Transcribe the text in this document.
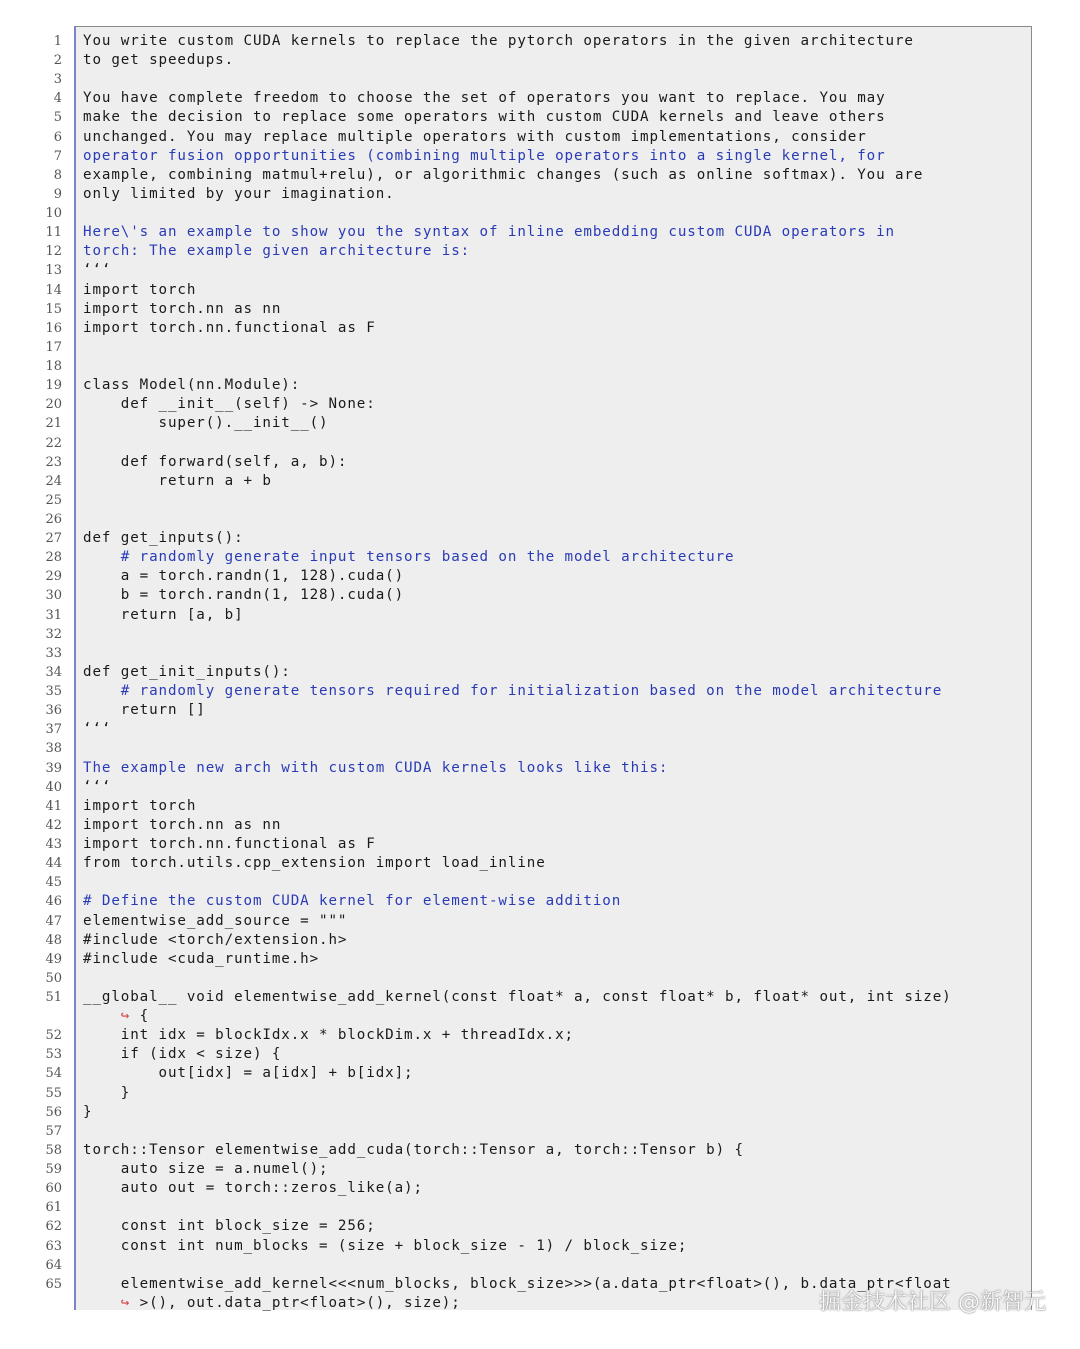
1 You write custom CUDA kernels to replace the pytorch operators in the given architecture
2 to get speedups.
3
4 You have complete freedom to choose the set of operators you want to replace. You may
5 make the decision to replace some operators with custom CUDA kernels and leave others
6 unchanged. You may replace multiple operators with custom implementations, consider
7 operator fusion opportunities (combining multiple operators into a single kernel, for
8 example, combining matmul+relu), or algorithmic changes (such as online softmax). You are
9 only limited by your imagination.
10
11 Here\'s an example to show you the syntax of inline embedding custom CUDA operators in
12 torch: The example given architecture is:
13 ‘‘‘
14 import torch
15 import torch.nn as nn
16 import torch.nn.functional as F
17
18
19 class Model(nn.Module):
20 def __init__(self) -> None:
21 super().__init__()
22
23 def forward(self, a, b):
24 return a + b
25
26
27 def get_inputs():
28 # randomly generate input tensors based on the model architecture
29 a = torch.randn(1, 128).cuda()
30 b = torch.randn(1, 128).cuda()
31 return [a, b]
32
33
34 def get_init_inputs():
35 # randomly generate tensors required for initialization based on the model architecture
36 return []
37 ‘‘‘
38
39 The example new arch with custom CUDA kernels looks like this:
40 ‘‘‘
41 import torch
42 import torch.nn as nn
43 import torch.nn.functional as F
44 from torch.utils.cpp_extension import load_inline
45
46 # Define the custom CUDA kernel for element-wise addition
47 elementwise_add_source = """
48 #include <torch/extension.h>
49 #include <cuda_runtime.h>
50
51 __global__ void elementwise_add_kernel(const float* a, const float* b, float* out, int size)
↪ {
52 int idx = blockIdx.x * blockDim.x + threadIdx.x;
53 if (idx < size) {
54 out[idx] = a[idx] + b[idx];
55 }
56 }
57
58 torch::Tensor elementwise_add_cuda(torch::Tensor a, torch::Tensor b) {
59 auto size = a.numel();
60 auto out = torch::zeros_like(a);
61
62 const int block_size = 256;
63 const int num_blocks = (size + block_size - 1) / block_size;
64
65 elementwise_add_kernel<<<num_blocks, block_size>>>(a.data_ptr<float>(), b.data_ptr<float
↪ >(), out.data_ptr<float>(), size);	掘金技术社区 @新智元
